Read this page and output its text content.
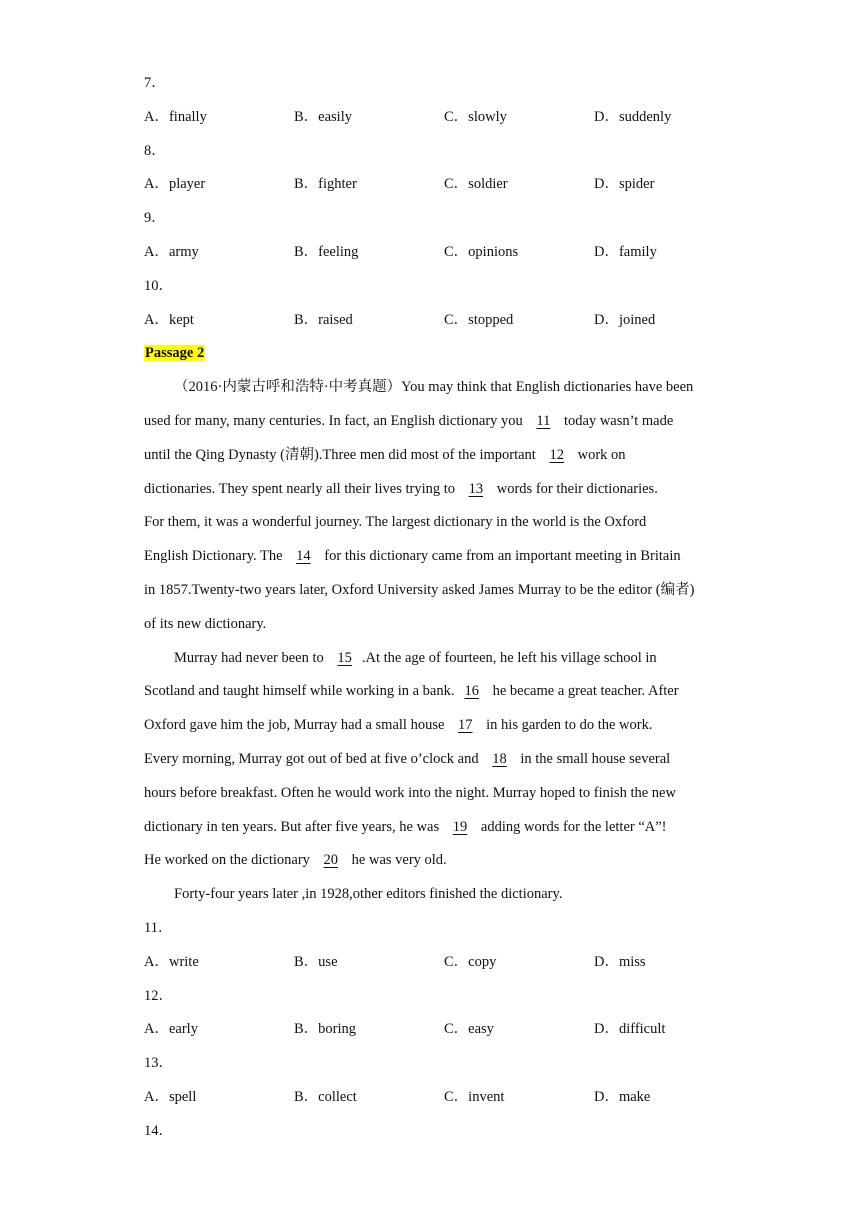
7．
A．finally	B．easily	C．slowly	D．suddenly
8．
A．player	B．fighter	C．soldier	D．spider
9．
A．army	B．feeling	C．opinions	D．family
10．
A．kept	B．raised	C．stopped	D．joined
Passage 2
（2016·内蒙古呼和浩特·中考真题）You may think that English dictionaries have been
used for many, many centuries. In fact, an English dictionary you 11 today wasn’t made
until the Qing Dynasty (清朝).Three men did most of the important 12 work on
dictionaries. They spent nearly all their lives trying to 13 words for their dictionaries.
For them, it was a wonderful journey. The largest dictionary in the world is the Oxford
English Dictionary. The 14 for this dictionary came from an important meeting in Britain
in 1857.Twenty-two years later, Oxford University asked James Murray to be the editor (编者)
of its new dictionary.
Murray had never been to 15 .At the age of fourteen, he left his village school in
Scotland and taught himself while working in a bank. 16 he became a great teacher. After
Oxford gave him the job, Murray had a small house 17 in his garden to do the work.
Every morning, Murray got out of bed at five o’clock and 18 in the small house several
hours before breakfast. Often he would work into the night. Murray hoped to finish the new
dictionary in ten years. But after five years, he was 19 adding words for the letter “A”!
He worked on the dictionary 20 he was very old.
Forty-four years later ,in 1928,other editors finished the dictionary.
11．
A．write	B．use	C．copy	D．miss
12．
A．early	B．boring	C．easy	D．difficult
13．
A．spell	B．collect	C．invent	D．make
14．
